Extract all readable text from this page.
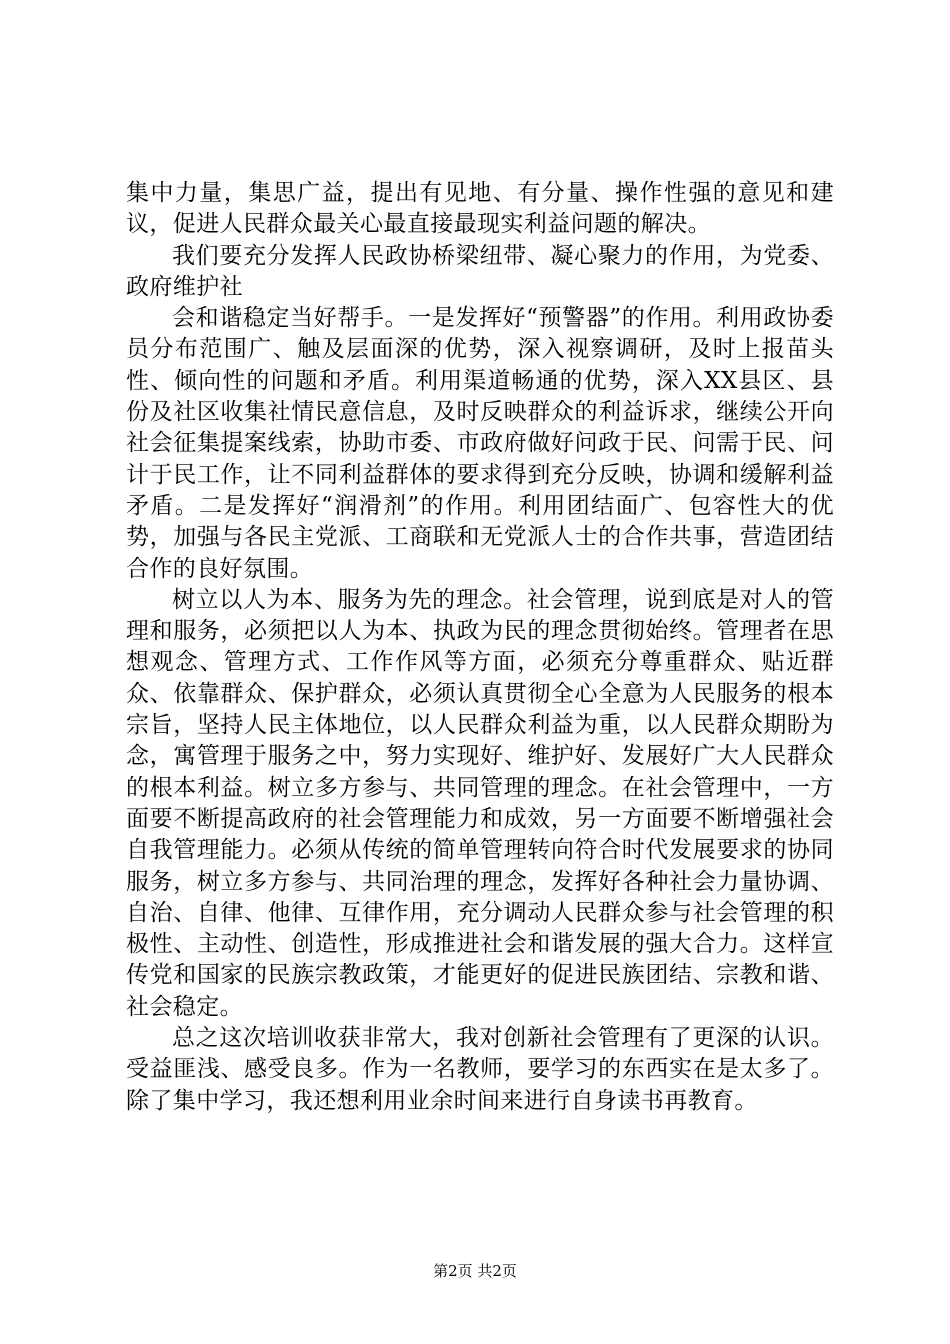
集中力量，集思广益，提出有见地、有分量、操作性强的意见和建议，促进人民群众最关心最直接最现实利益问题的解决。

我们要充分发挥人民政协桥梁纽带、凝心聚力的作用，为党委、政府维护社

会和谐稳定当好帮手。一是发挥好“预警器”的作用。利用政协委员分布范围广、触及层面深的优势，深入视察调研，及时上报苗头性、倾向性的问题和矛盾。利用渠道畅通的优势，深入XX县区、县份及社区收集社情民意信息，及时反映群众的利益诉求，继续公开向社会征集提案线索，协助市委、市政府做好问政于民、问需于民、问计于民工作，让不同利益群体的要求得到充分反映，协调和缓解利益矛盾。二是发挥好“润滑剂”的作用。利用团结面广、包容性大的优势，加强与各民主党派、工商联和无党派人士的合作共事，营造团结合作的良好氛围。

树立以人为本、服务为先的理念。社会管理，说到底是对人的管理和服务，必须把以人为本、执政为民的理念贯彻始终。管理者在思想观念、管理方式、工作作风等方面，必须充分尊重群众、贴近群众、依靠群众、保护群众，必须认真贯彻全心全意为人民服务的根本宗旨，坚持人民主体地位，以人民群众利益为重，以人民群众期盼为念，寓管理于服务之中，努力实现好、维护好、发展好广大人民群众的根本利益。树立多方参与、共同管理的理念。在社会管理中，一方面要不断提高政府的社会管理能力和成效，另一方面要不断增强社会自我管理能力。必须从传统的简单管理转向符合时代发展要求的协同服务，树立多方参与、共同治理的理念，发挥好各种社会力量协调、自治、自律、他律、互律作用，充分调动人民群众参与社会管理的积极性、主动性、创造性，形成推进社会和谐发展的强大合力。这样宣传党和国家的民族宗教政策，才能更好的促进民族团结、宗教和谐、社会稳定。

总之这次培训收获非常大，我对创新社会管理有了更深的认识。受益匪浅、感受良多。作为一名教师，要学习的东西实在是太多了。除了集中学习，我还想利用业余时间来进行自身读书再教育。

第2页 共2页
